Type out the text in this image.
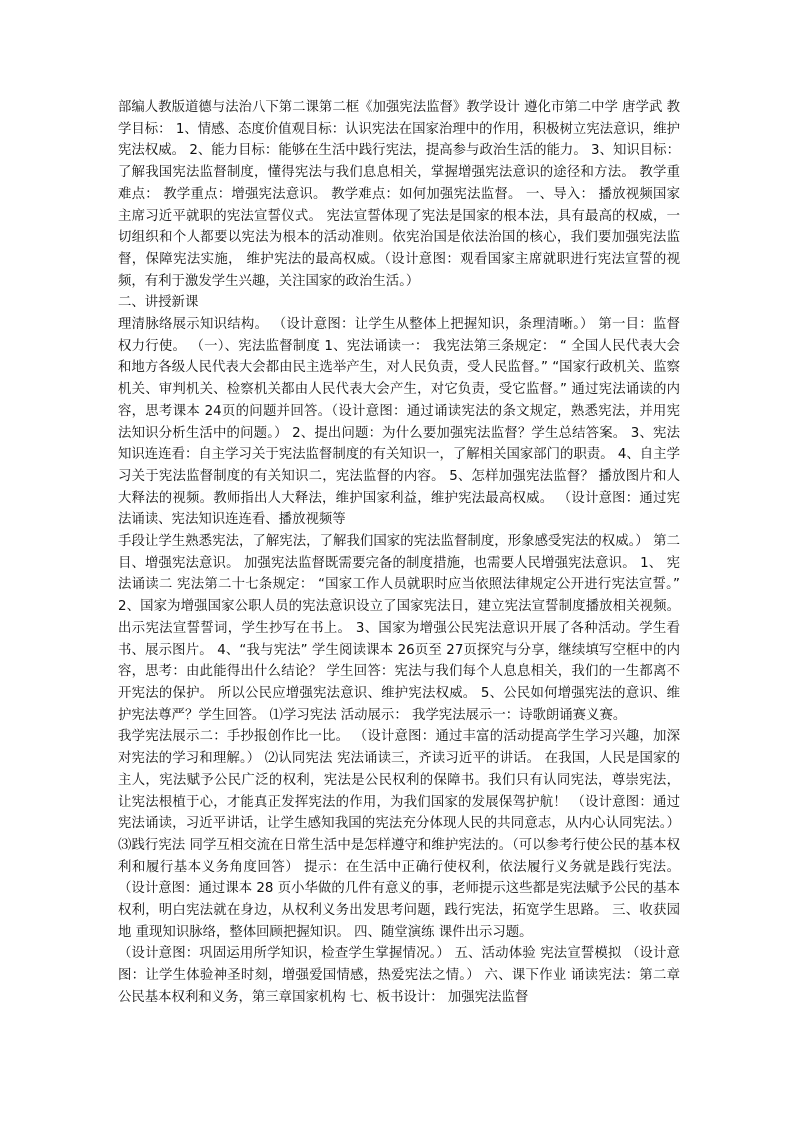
部编人教版道德与法治八下第二课第二框《加强宪法监督》教学设计 遵化市第二中学 唐学武 教学目标： 1、情感、态度价值观目标：认识宪法在国家治理中的作用，积极树立宪法意识，维护宪法权威。 2、能力目标：能够在生活中践行宪法，提高参与政治生活的能力。 3、知识目标：了解我国宪法监督制度，懂得宪法与我们息息相关，掌握增强宪法意识的途径和方法。 教学重难点： 教学重点：增强宪法意识。 教学难点：如何加强宪法监督。 一、导入： 播放视频国家主席习近平就职的宪法宣誓仪式。 宪法宣誓体现了宪法是国家的根本法，具有最高的权威，一切组织和个人都要以宪法为根本的活动准则。依宪治国是依法治国的核心，我们要加强宪法监督，保障宪法实施， 维护宪法的最高权威。（设计意图：观看国家主席就职进行宪法宣誓的视频，有利于激发学生兴趣，关注国家的政治生活。）

二、讲授新课

理清脉络展示知识结构。 （设计意图：让学生从整体上把握知识，条理清晰。） 第一目：监督权力行使。 （一）、宪法监督制度 1、宪法诵读一： 我宪法第三条规定： “ 全国人民代表大会和地方各级人民代表大会都由民主选举产生，对人民负责，受人民监督。” “国家行政机关、监察机关、审判机关、检察机关都由人民代表大会产生，对它负责，受它监督。” 通过宪法诵读的内容，思考课本 24页的问题并回答。（设计意图：通过诵读宪法的条文规定，熟悉宪法，并用宪法知识分析生活中的问题。） 2、提出问题：为什么要加强宪法监督？学生总结答案。 3、宪法知识连连看：自主学习关于宪法监督制度的有关知识一，了解相关国家部门的职责。 4、自主学习关于宪法监督制度的有关知识二，宪法监督的内容。 5、怎样加强宪法监督？ 播放图片和人大释法的视频。教师指出人大释法，维护国家利益，维护宪法最高权威。 （设计意图：通过宪法诵读、宪法知识连连看、播放视频等

手段让学生熟悉宪法，了解宪法，了解我们国家的宪法监督制度，形象感受宪法的权威。） 第二目、增强宪法意识。 加强宪法监督既需要完备的制度措施，也需要人民增强宪法意识。 1、 宪法诵读二 宪法第二十七条规定： “国家工作人员就职时应当依照法律规定公开进行宪法宣誓。” 2、国家为增强国家公职人员的宪法意识设立了国家宪法日，建立宪法宣誓制度播放相关视频。出示宪法宣誓誓词，学生抄写在书上。 3、国家为增强公民宪法意识开展了各种活动。学生看书、展示图片。 4、“我与宪法” 学生阅读课本 26页至 27页探究与分享，继续填写空框中的内容，思考：由此能得出什么结论？ 学生回答：宪法与我们每个人息息相关，我们的一生都离不开宪法的保护。 所以公民应增强宪法意识、维护宪法权威。 5、公民如何增强宪法的意识、维护宪法尊严？学生回答。 ⑴学习宪法 活动展示： 我学宪法展示一：诗歌朗诵赛义赛。

我学宪法展示二：手抄报创作比一比。 （设计意图：通过丰富的活动提高学生学习兴趣，加深对宪法的学习和理解。） ⑵认同宪法 宪法诵读三，齐读习近平的讲话。 在我国，人民是国家的主人，宪法赋予公民广泛的权利，宪法是公民权利的保障书。我们只有认同宪法，尊崇宪法，让宪法根植于心，才能真正发挥宪法的作用，为我们国家的发展保驾护航！ （设计意图：通过宪法诵读，习近平讲话，让学生感知我国的宪法充分体现人民的共同意志，从内心认同宪法。） ⑶践行宪法 同学互相交流在日常生活中是怎样遵守和维护宪法的。（可以参考行使公民的基本权利和履行基本义务角度回答） 提示：在生活中正确行使权利，依法履行义务就是践行宪法。 （设计意图：通过课本 28 页小华做的几件有意义的事，老师提示这些都是宪法赋予公民的基本权利，明白宪法就在身边，从权利义务出发思考问题，践行宪法，拓宽学生思路。 三、收获园地 重现知识脉络，整体回顾把握知识。 四、随堂演练 课件出示习题。

（设计意图：巩固运用所学知识，检查学生掌握情况。） 五、活动体验 宪法宣誓模拟 （设计意图：让学生体验神圣时刻，增强爱国情感，热爱宪法之情。） 六、课下作业 诵读宪法：第二章公民基本权利和义务，第三章国家机构 七、板书设计： 加强宪法监督
